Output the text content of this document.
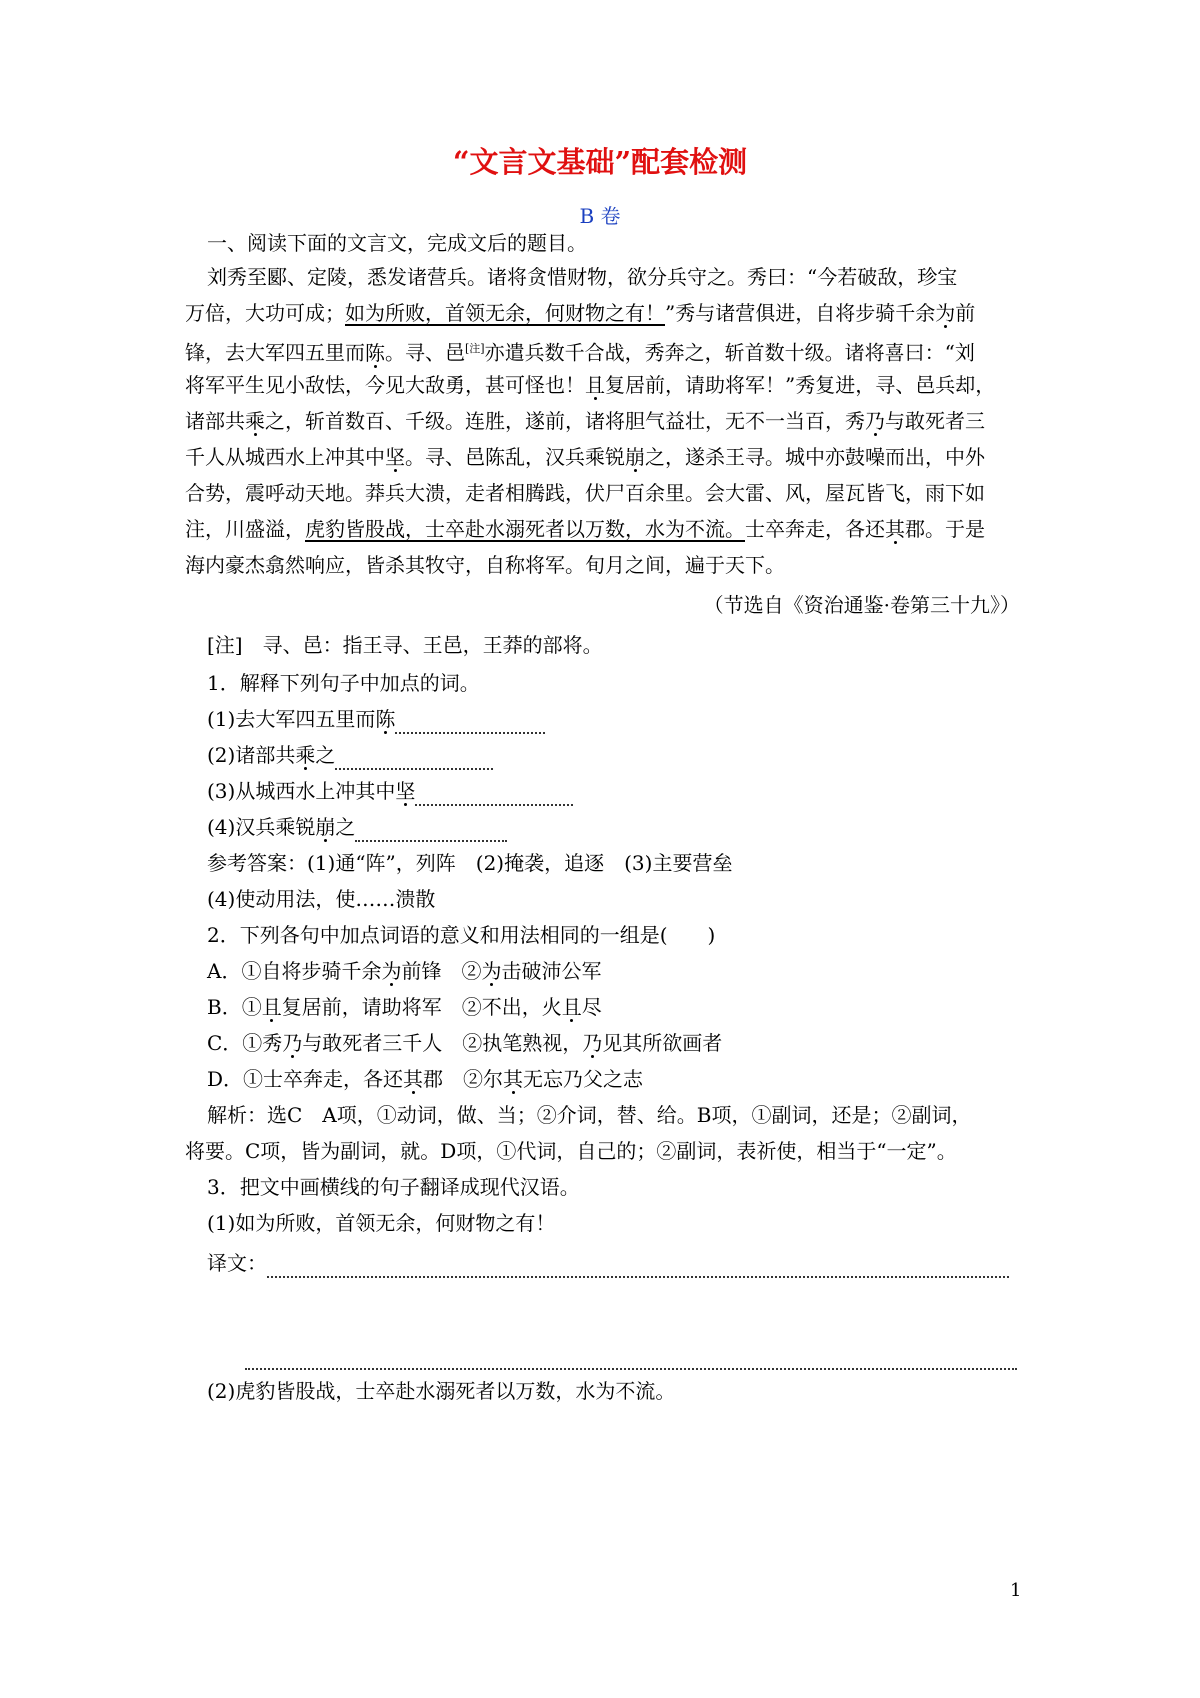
“文言文基础”配套检测
B 卷
一、阅读下面的文言文，完成文后的题目。
刘秀至郾、定陵，悉发诸营兵。诸将贪惜财物，欲分兵守之。秀曰：“今若破敌，珍宝
万倍，大功可成；如为所败，首领无余，何财物之有！”秀与诸营俱进，自将步骑千余为前
锋，去大军四五里而陈。寻、邑[注]亦遣兵数千合战，秀奔之，斩首数十级。诸将喜曰：“刘
将军平生见小敌怯，今见大敌勇，甚可怪也！且复居前，请助将军！”秀复进，寻、邑兵却，
诸部共乘之，斩首数百、千级。连胜，遂前，诸将胆气益壮，无不一当百，秀乃与敢死者三
千人从城西水上冲其中坚。寻、邑陈乱，汉兵乘锐崩之，遂杀王寻。城中亦鼓噪而出，中外
合势，震呼动天地。莽兵大溃，走者相腾践，伏尸百余里。会大雷、风，屋瓦皆飞，雨下如
注，川盛溢，虎豹皆股战，士卒赴水溺死者以万数，水为不流。士卒奔走，各还其郡。于是
海内豪杰翕然响应，皆杀其牧守，自称将军。旬月之间，遍于天下。
（节选自《资治通鉴·卷第三十九》）
[注]　寻、邑：指王寻、王邑，王莽的部将。
1．解释下列句子中加点的词。
(1)去大军四五里而陈
(2)诸部共乘之
(3)从城西水上冲其中坚
(4)汉兵乘锐崩之
参考答案：(1)通“阵”，列阵　(2)掩袭，追逐　(3)主要营垒
(4)使动用法，使……溃散
2．下列各句中加点词语的意义和用法相同的一组是(　　)
A．①自将步骑千余为前锋　②为击破沛公军
B．①且复居前，请助将军　②不出，火且尽
C．①秀乃与敢死者三千人　②执笔熟视，乃见其所欲画者
D．①士卒奔走，各还其郡　②尔其无忘乃父之志
解析：选C　A项，①动词，做、当；②介词，替、给。B项，①副词，还是；②副词，
将要。C项，皆为副词，就。D项，①代词，自己的；②副词，表祈使，相当于“一定”。
3．把文中画横线的句子翻译成现代汉语。
(1)如为所败，首领无余，何财物之有！
译文：
(2)虎豹皆股战，士卒赴水溺死者以万数，水为不流。
1
